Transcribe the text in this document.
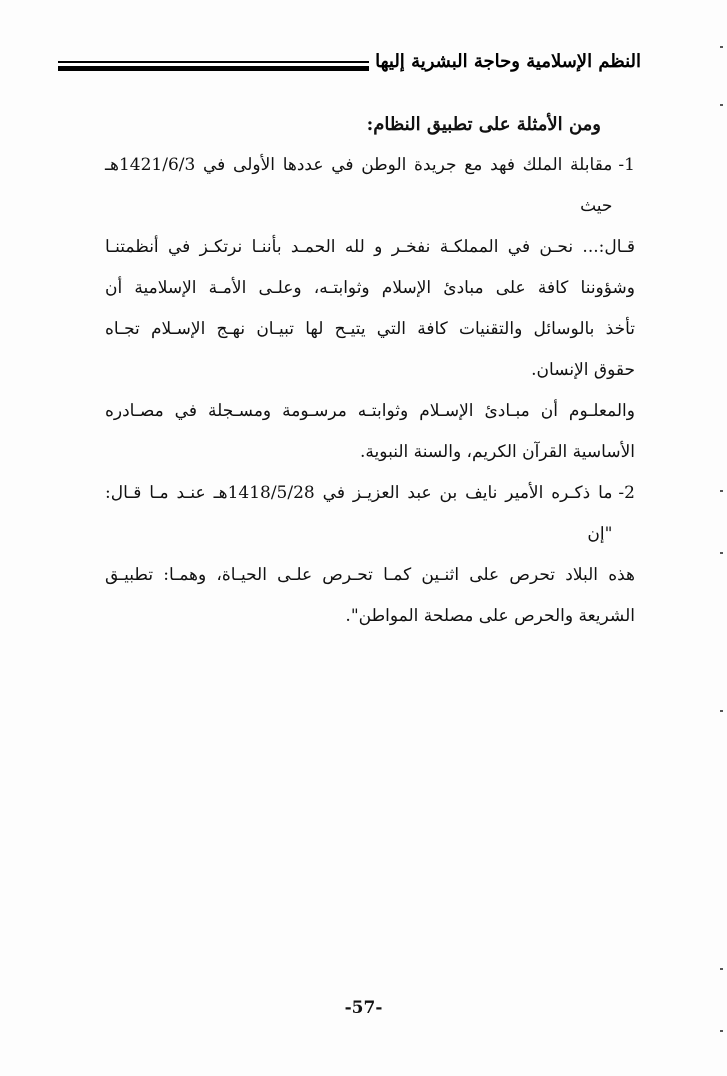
النظم الإسلامية وحاجة البشرية إليها

ومن الأمثلة على تطبيق النظام:

1-
مقابلة الملك فهد مع جريدة الوطن في عددها الأولى في 1421/6/3هـ حيث

قـال:... نحـن في المملكـة نفخـر و لله الحمـد بأننـا نرتكـز في أنظمتنـا

وشؤوننا كافة على مبادئ الإسلام وثوابتـه، وعلـى الأمـة الإسلامية أن

تأخذ بالوسائل والتقنيات كافة التي يتيـح لها تبيـان نهـج الإسـلام تجـاه

حقوق الإنسان.

والمعلـوم أن مبـادئ الإسـلام وثوابتـه مرسـومة ومسـجلة في مصـادره

الأساسية القرآن الكريم، والسنة النبوية.

2-
ما ذكـره الأمير نايف بن عبد العزيـز في 1418/5/28هـ عنـد مـا قـال: "إن

هذه البلاد تحرص على اثنـين كمـا تحـرص علـى الحيـاة، وهمـا: تطبيـق

الشريعة والحرص على مصلحة المواطن".

-57-
